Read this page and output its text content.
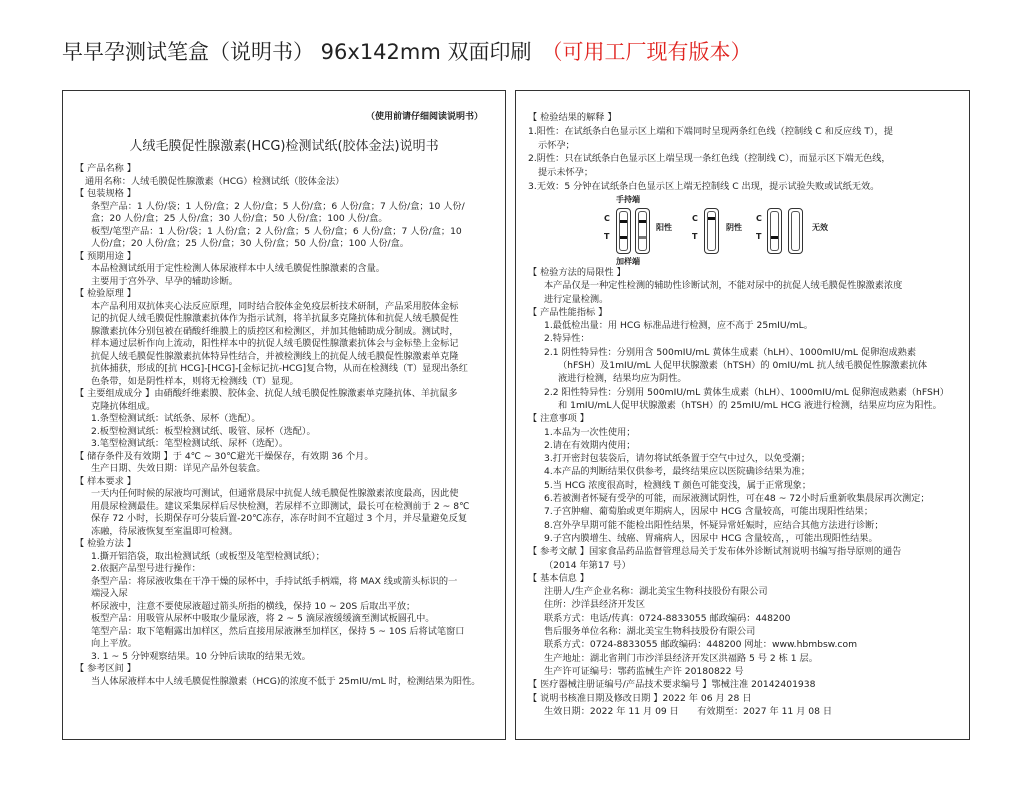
早早孕测试笔盒（说明书） 96x142mm 双面印刷 （可用工厂现有版本）
（使用前请仔细阅读说明书）
人绒毛膜促性腺激素(HCG)检测试纸(胶体金法)说明书
【 产品名称 】
通用名称：人绒毛膜促性腺激素（HCG）检测试纸（胶体金法）
【 包装规格 】
条型产品：1 人份/袋；1 人份/盒；2 人份/盒；5 人份/盒；6 人份/盒；7 人份/盒；10 人份/
盒；20 人份/盒；25 人份/盒；30 人份/盒；50 人份/盒；100 人份/盒。
板型/笔型产品：1 人份/袋；1 人份/盒；2 人份/盒；5 人份/盒；6 人份/盒；7 人份/盒；10
人份/盒；20 人份/盒；25 人份/盒；30 人份/盒；50 人份/盒；100 人份/盒。
【 预期用途 】
本品检测试纸用于定性检测人体尿液样本中人绒毛膜促性腺激素的含量。
主要用于宫外孕、早孕的辅助诊断。
【 检验原理 】
本产品利用双抗体夹心法反应原理，同时结合胶体金免疫层析技术研制，产品采用胶体金标
记的抗促人绒毛膜促性腺激素抗体作为指示试剂，将羊抗鼠多克隆抗体和抗促人绒毛膜促性
腺激素抗体分别包被在硝酸纤维膜上的质控区和检测区，并加其他辅助成分制成。测试时，
样本通过层析作向上流动，阳性样本中的抗促人绒毛膜促性腺激素抗体会与金标垫上金标记
抗促人绒毛膜促性腺激素抗体特异性结合，并被检测线上的抗促人绒毛膜促性腺激素单克隆
抗体捕获，形成的[抗 HCG]-[HCG]-[金标记抗-HCG]复合物，从而在检测线（T）显现出条红
色条带，如是阴性样本，则将无检测线（T）显现。
【 主要组成成分 】由硝酸纤维素膜、胶体金、抗促人绒毛膜促性腺激素单克隆抗体、羊抗鼠多
克隆抗体组成。
1.条型检测试纸：试纸条、尿杯（选配）。
2.板型检测试纸：板型检测试纸、吸管、尿杯（选配）。
3.笔型检测试纸：笔型检测试纸、尿杯（选配）。
【 储存条件及有效期 】于 4℃ ~ 30℃避光干燥保存，有效期 36 个月。
生产日期、失效日期：详见产品外包装盒。
【 样本要求 】
一天内任何时候的尿液均可测试，但通常晨尿中抗促人绒毛膜促性腺激素浓度最高，因此使
用晨尿检测最佳。建议采集尿样后尽快检测，若尿样不立即测试，最长可在检测前于 2 ~ 8℃
保存 72 小时，长期保存可分装后置-20℃冻存，冻存时间不宜超过 3 个月，并尽量避免反复
冻融，待尿液恢复至室温即可检测。
【 检验方法 】
1.撕开铝箔袋，取出检测试纸（或板型及笔型检测试纸）；
2.依据产品型号进行操作：
条型产品：将尿液收集在干净干燥的尿杯中，手持试纸手柄端，将 MAX 线或箭头标识的一
端浸入尿
杯尿液中，注意不要使尿液超过箭头所指的横线，保持 10 ~ 20S 后取出平放；
板型产品：用吸管从尿杯中吸取少量尿液，将 2 ~ 5 滴尿液缓缓滴至测试板圆孔中。
笔型产品：取下笔帽露出加样区，然后直接用尿液淋至加样区，保持 5 ~ 10S 后将试笔窗口
向上平放。
3. 1 ~ 5 分钟观察结果。10 分钟后读取的结果无效。
【 参考区间 】
当人体尿液样本中人绒毛膜促性腺激素（HCG)的浓度不低于 25mIU/mL 时，检测结果为阳性。
【 检验结果的解释 】
1.阳性：在试纸条白色显示区上端和下端同时呈现两条红色线（控制线 C 和反应线 T），提
示怀孕；
2.阴性：只在试纸条白色显示区上端呈现一条红色线（控制线 C），而显示区下端无色线，
提示未怀孕；
3.无效：5 分钟在试纸条白色显示区上端无控制线 C 出现，提示试验失败或试纸无效。
手持端
加样端
C
T
阳性
C
T
阴性
C
T
无效
【 检验方法的局限性 】
本产品仅是一种定性检测的辅助性诊断试剂，不能对尿中的抗促人绒毛膜促性腺激素浓度
进行定量检测。
【 产品性能指标 】
1.最低检出量：用 HCG 标准品进行检测，应不高于 25mIU/mL。
2.特异性：
2.1 阴性特异性：分别用含 500mIU/mL 黄体生成素（hLH）、1000mIU/mL 促卵泡成熟素
（hFSH）及1mIU/mL 人促甲状腺激素（hTSH）的 0mIU/mL 抗人绒毛膜促性腺激素抗体
液进行检测，结果均应为阴性。
2.2 阳性特异性：分别用 500mIU/mL 黄体生成素（hLH）、1000mIU/mL 促卵泡成熟素（hFSH）
和 1mIU/mL人促甲状腺激素（hTSH）的 25mIU/mL HCG 液进行检测，结果应均应为阳性。
【 注意事项 】
1.本品为一次性使用；
2.请在有效期内使用；
3.打开密封包装袋后，请勿将试纸条置于空气中过久，以免受潮；
4.本产品的判断结果仅供参考，最终结果应以医院确诊结果为准；
5.当 HCG 浓度很高时，检测线 T 颜色可能变浅，属于正常现象；
6.若被测者怀疑有受孕的可能，而尿液测试阴性，可在48 ~ 72小时后重新收集晨尿再次测定；
7.子宫肿瘤、葡萄胎或更年期病人，因尿中 HCG 含量较高，可能出现阳性结果；
8.宫外孕早期可能不能检出阳性结果，怀疑异常妊娠时，应结合其他方法进行诊断；
9.子宫内膜增生、绒癌、胃痛病人，因尿中 HCG 含量较高，，可能出现阳性结果。
【 参考文献 】国家食品药品监督管理总局关于发布体外诊断试剂说明书编写指导原则的通告
（2014 年第17 号）
【 基本信息 】
注册人/生产企业名称：湖北美宝生物科技股份有限公司
住所：沙洋县经济开发区
联系方式：电话/传真：0724-8833055 邮政编码：448200
售后服务单位名称：湖北美宝生物科技股份有限公司
联系方式：0724-8833055 邮政编码：448200 网址：www.hbmbsw.com
生产地址：湖北省荆门市沙洋县经济开发区洪福路 5 号 2 栋 1 层。
生产许可证编号：鄂药监械生产许 20180822 号
【 医疗器械注册证编号/产品技术要求编号 】鄂械注准 20142401938
【 说明书核准日期及修改日期 】2022 年 06 月 28 日
生效日期：2022 年 11 月 09 日　　有效期至：2027 年 11 月 08 日
